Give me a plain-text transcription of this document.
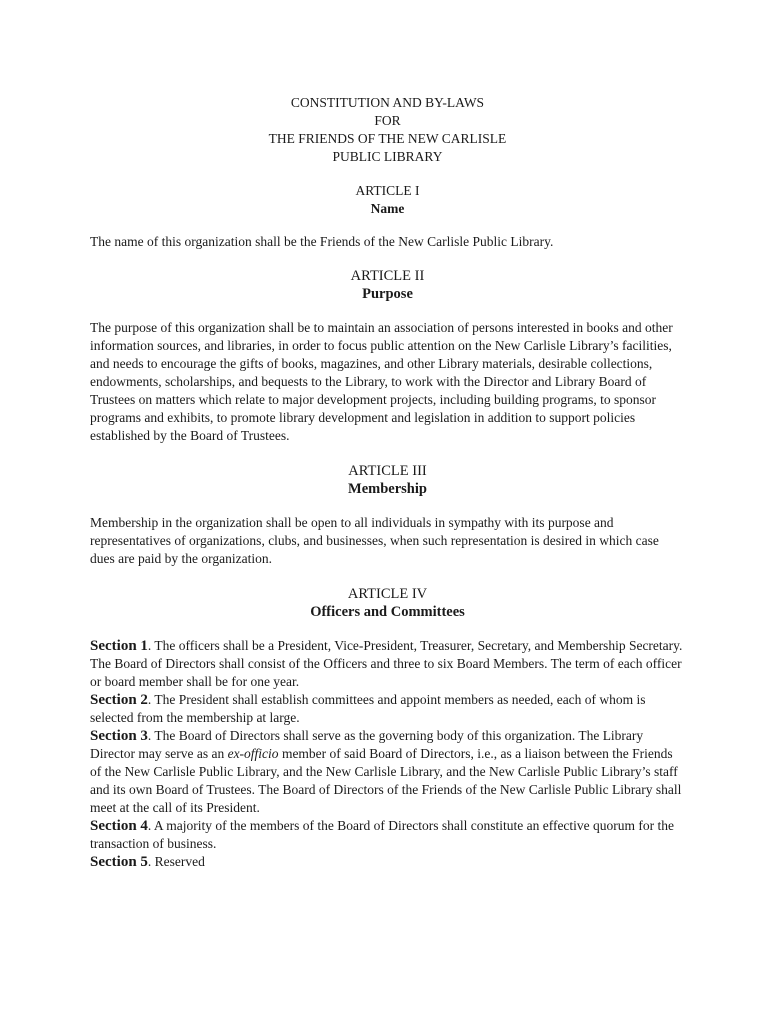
CONSTITUTION AND BY-LAWS
FOR
THE FRIENDS OF THE NEW CARLISLE
PUBLIC LIBRARY
ARTICLE I
Name

The name of this organization shall be the Friends of the New Carlisle Public Library.

ARTICLE II
Purpose

The purpose of this organization shall be to maintain an association of persons interested in books and other information sources, and libraries, in order to focus public attention on the New Carlisle Library’s facilities, and needs to encourage the gifts of books, magazines, and other Library materials, desirable collections, endowments, scholarships, and bequests to the Library, to work with the Director and Library Board of Trustees on matters which relate to major development projects, including building programs, to sponsor programs and exhibits, to promote library development and legislation in addition to support policies established by the Board of Trustees.

ARTICLE III
Membership

Membership in the organization shall be open to all individuals in sympathy with its purpose and representatives of organizations, clubs, and businesses, when such representation is desired in which case dues are paid by the organization.

ARTICLE IV
Officers and Committees

Section 1. The officers shall be a President, Vice-President, Treasurer, Secretary, and Membership Secretary.

The Board of Directors shall consist of the Officers and three to six Board Members. The term of each officer or board member shall be for one year.

Section 2. The President shall establish committees and appoint members as needed, each of whom is selected from the membership at large.

Section 3. The Board of Directors shall serve as the governing body of this organization. The Library Director may serve as an ex-officio member of said Board of Directors, i.e., as a liaison between the Friends of the New Carlisle Public Library, and the New Carlisle Library, and the New Carlisle Public Library’s staff and its own Board of Trustees. The Board of Directors of the Friends of the New Carlisle Public Library shall meet at the call of its President.

Section 4. A majority of the members of the Board of Directors shall constitute an effective quorum for the transaction of business.

Section 5. Reserved
